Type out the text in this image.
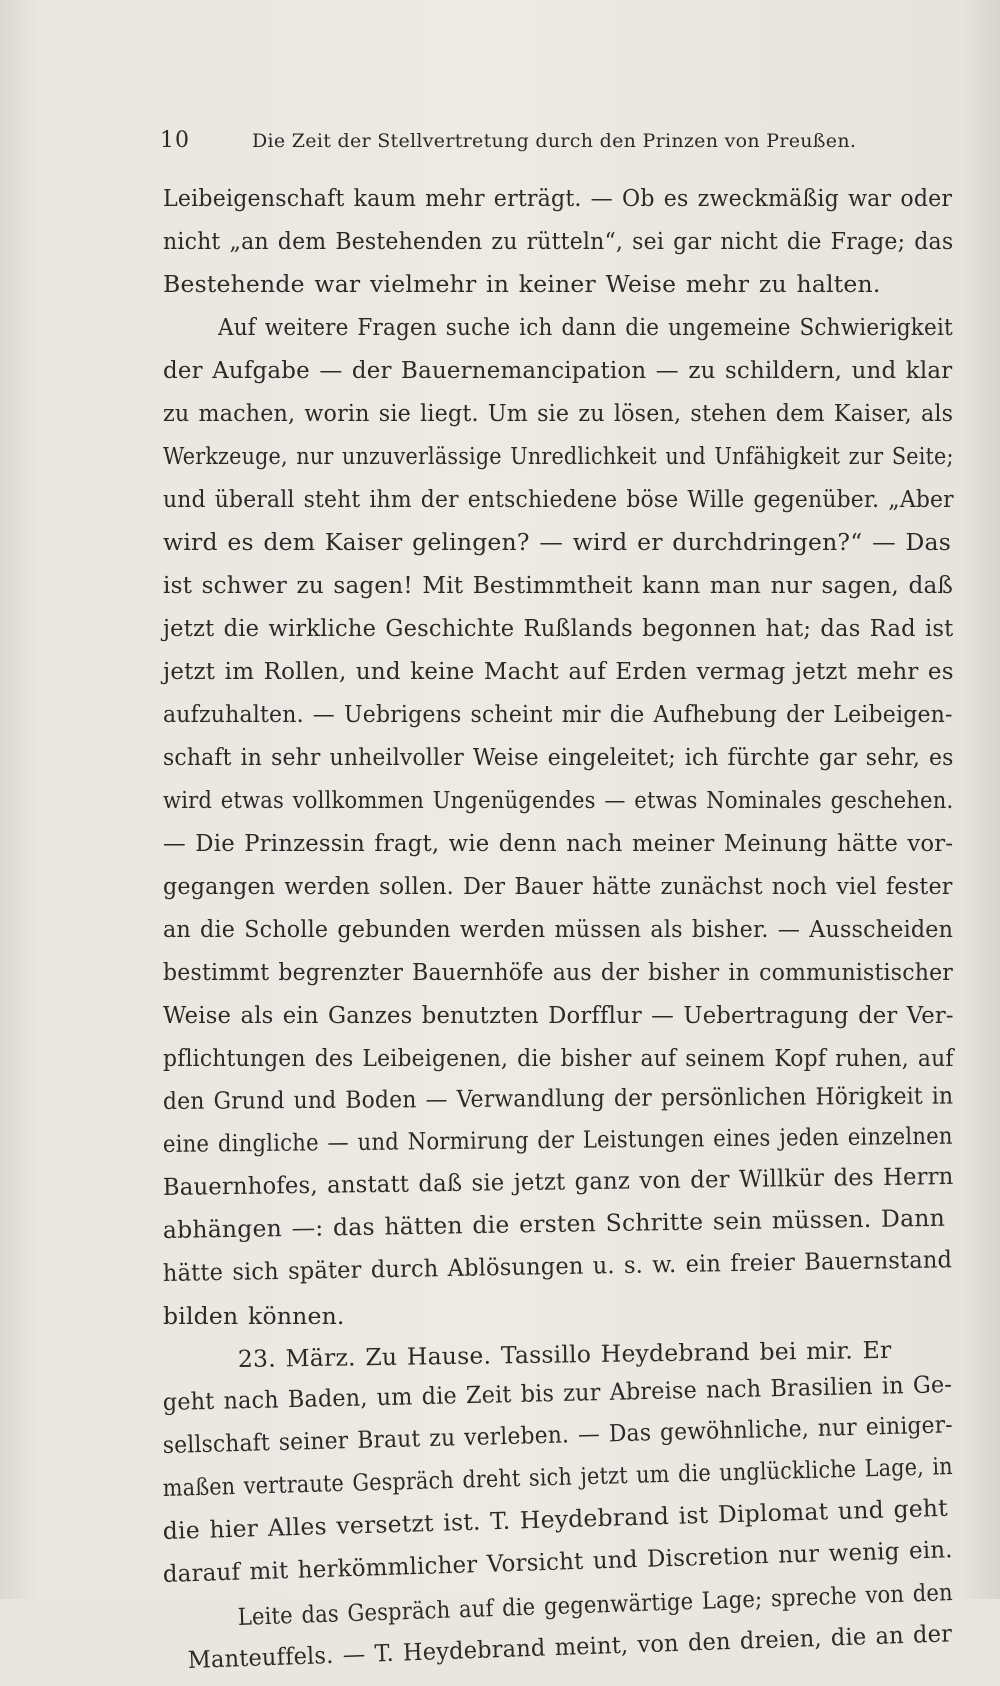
10	Die Zeit der Stellvertretung durch den Prinzen von Preußen.
Leibeigenschaft kaum mehr erträgt. — Ob es zweckmäßig war oder
nicht „an dem Bestehenden zu rütteln“, sei gar nicht die Frage; das
Bestehende war vielmehr in keiner Weise mehr zu halten.
Auf weitere Fragen suche ich dann die ungemeine Schwierigkeit
der Aufgabe — der Bauernemancipation — zu schildern, und klar
zu machen, worin sie liegt. Um sie zu lösen, stehen dem Kaiser, als
Werkzeuge, nur unzuverlässige Unredlichkeit und Unfähigkeit zur Seite;
und überall steht ihm der entschiedene böse Wille gegenüber. „Aber
wird es dem Kaiser gelingen? — wird er durchdringen?“ — Das
ist schwer zu sagen! Mit Bestimmtheit kann man nur sagen, daß
jetzt die wirkliche Geschichte Rußlands begonnen hat; das Rad ist
jetzt im Rollen, und keine Macht auf Erden vermag jetzt mehr es
aufzuhalten. — Uebrigens scheint mir die Aufhebung der Leibeigen-
schaft in sehr unheilvoller Weise eingeleitet; ich fürchte gar sehr, es
wird etwas vollkommen Ungenügendes — etwas Nominales geschehen.
— Die Prinzessin fragt, wie denn nach meiner Meinung hätte vor-
gegangen werden sollen. Der Bauer hätte zunächst noch viel fester
an die Scholle gebunden werden müssen als bisher. — Ausscheiden
bestimmt begrenzter Bauernhöfe aus der bisher in communistischer
Weise als ein Ganzes benutzten Dorfflur — Uebertragung der Ver-
pflichtungen des Leibeigenen, die bisher auf seinem Kopf ruhen, auf
den Grund und Boden — Verwandlung der persönlichen Hörigkeit in
eine dingliche — und Normirung der Leistungen eines jeden einzelnen
Bauernhofes, anstatt daß sie jetzt ganz von der Willkür des Herrn
abhängen —: das hätten die ersten Schritte sein müssen. Dann
hätte sich später durch Ablösungen u. s. w. ein freier Bauernstand
bilden können.
23. März. Zu Hause. Tassillo Heydebrand bei mir. Er
geht nach Baden, um die Zeit bis zur Abreise nach Brasilien in Ge-
sellschaft seiner Braut zu verleben. — Das gewöhnliche, nur einiger-
maßen vertraute Gespräch dreht sich jetzt um die unglückliche Lage, in
die hier Alles versetzt ist. T. Heydebrand ist Diplomat und geht
darauf mit herkömmlicher Vorsicht und Discretion nur wenig ein.
Leite das Gespräch auf die gegenwärtige Lage; spreche von den
Manteuffels. — T. Heydebrand meint, von den dreien, die an der
